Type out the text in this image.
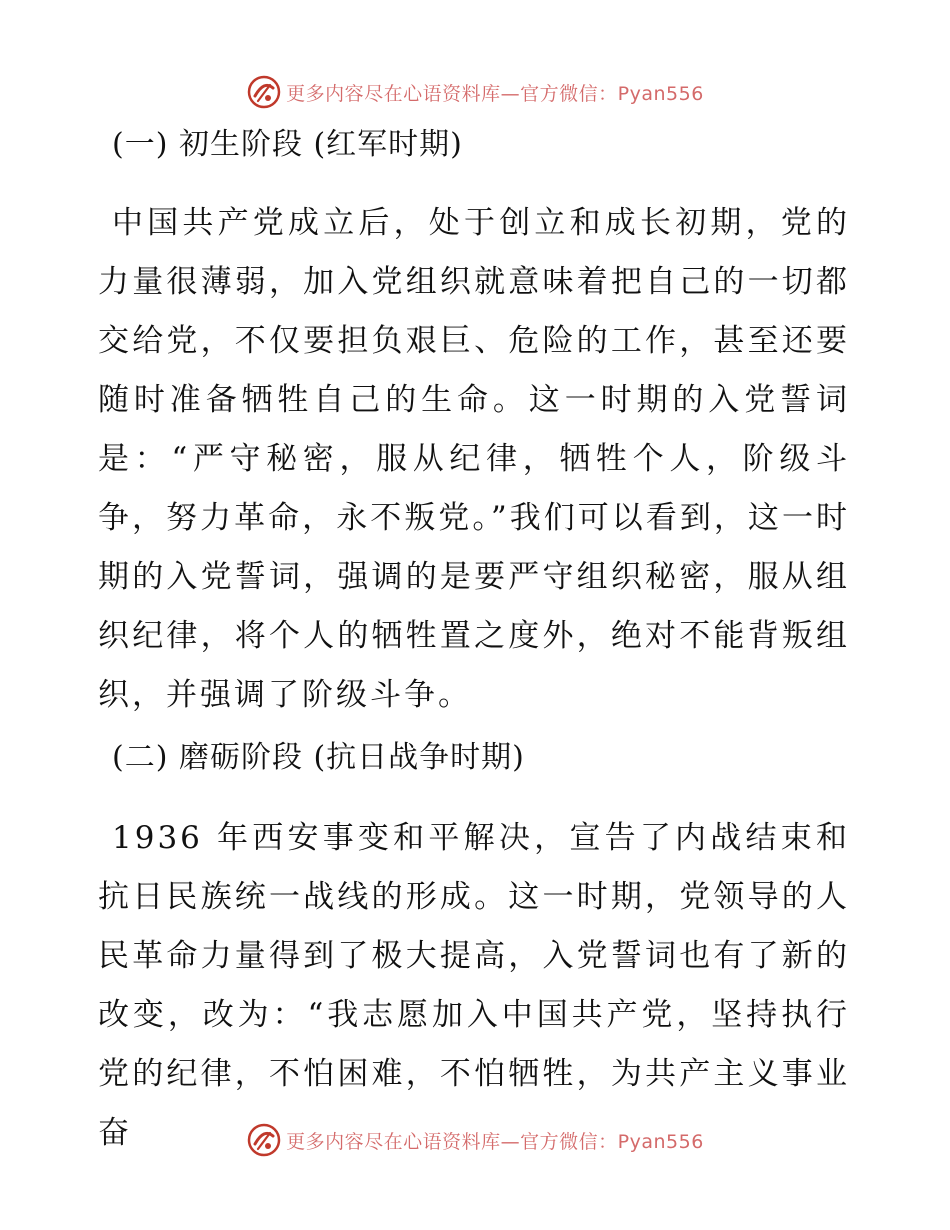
更多内容尽在心语资料库—官方微信：Pyan556

(一) 初生阶段 (红军时期)

中国共产党成立后，处于创立和成长初期，党的力量很薄弱，加入党组织就意味着把自己的一切都交给党，不仅要担负艰巨、危险的工作，甚至还要随时准备牺牲自己的生命。这一时期的入党誓词是：“严守秘密，服从纪律，牺牲个人，阶级斗争，努力革命，永不叛党。”我们可以看到，这一时期的入党誓词，强调的是要严守组织秘密，服从组织纪律，将个人的牺牲置之度外，绝对不能背叛组织，并强调了阶级斗争。

(二) 磨砺阶段 (抗日战争时期)

1936 年西安事变和平解决，宣告了内战结束和抗日民族统一战线的形成。这一时期，党领导的人民革命力量得到了极大提高，入党誓词也有了新的改变，改为：“我志愿加入中国共产党，坚持执行党的纪律，不怕困难，不怕牺牲，为共产主义事业奋	更多内容尽在心语资料库—官方微信：Pyan556
